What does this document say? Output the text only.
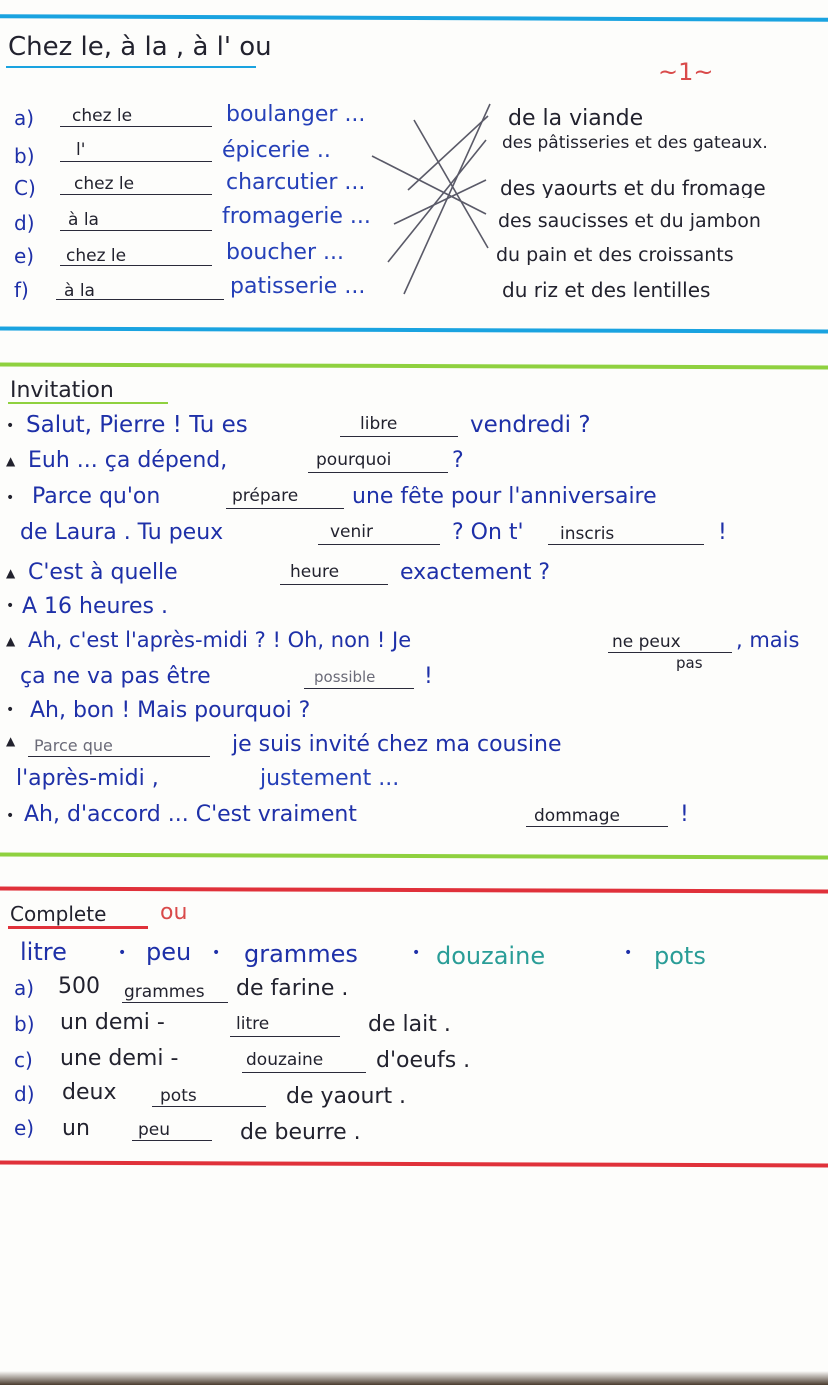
Chez le, à la , à l' ou
~1~
a) chez le	boulanger ...
b) l'	épicerie ..
C) chez le	charcutier ...
d) à la	fromagerie ...
e) chez le	boucher ...
f) à la	patisserie ...
de la viande
des pâtisseries et des gateaux.
des yaourts et du fromage
des saucisses et du jambon
du pain et des croissants
du riz et des lentilles
Invitation
• Salut, Pierre ! Tu es	libre	vendredi ?
▲ Euh ... ça dépend,	pourquoi	?
• Parce qu'on	prépare une fête pour l'anniversaire
de Laura . Tu peux	venir	? On t' inscris	!
▲ C'est à quelle	heure	exactement ?
• A 16 heures .
▲ Ah, c'est l'après-midi ? ! Oh, non ! Je	ne peux	, mais
pas
ça ne va pas être	possible !
• Ah, bon ! Mais pourquoi ?
▲ Parce que	je suis invité chez ma cousine
l'après-midi ,	justement ...
• Ah, d'accord ... C'est vraiment	dommage	!
Complete ou
litre	• peu • grammes	• douzaine	• pots
a) 500 grammes de farine .
b) un demi -	litre	de lait .
c) une demi -	douzaine d'oeufs .
d) deux	pots	de yaourt .
e) un	peu	de beurre .
